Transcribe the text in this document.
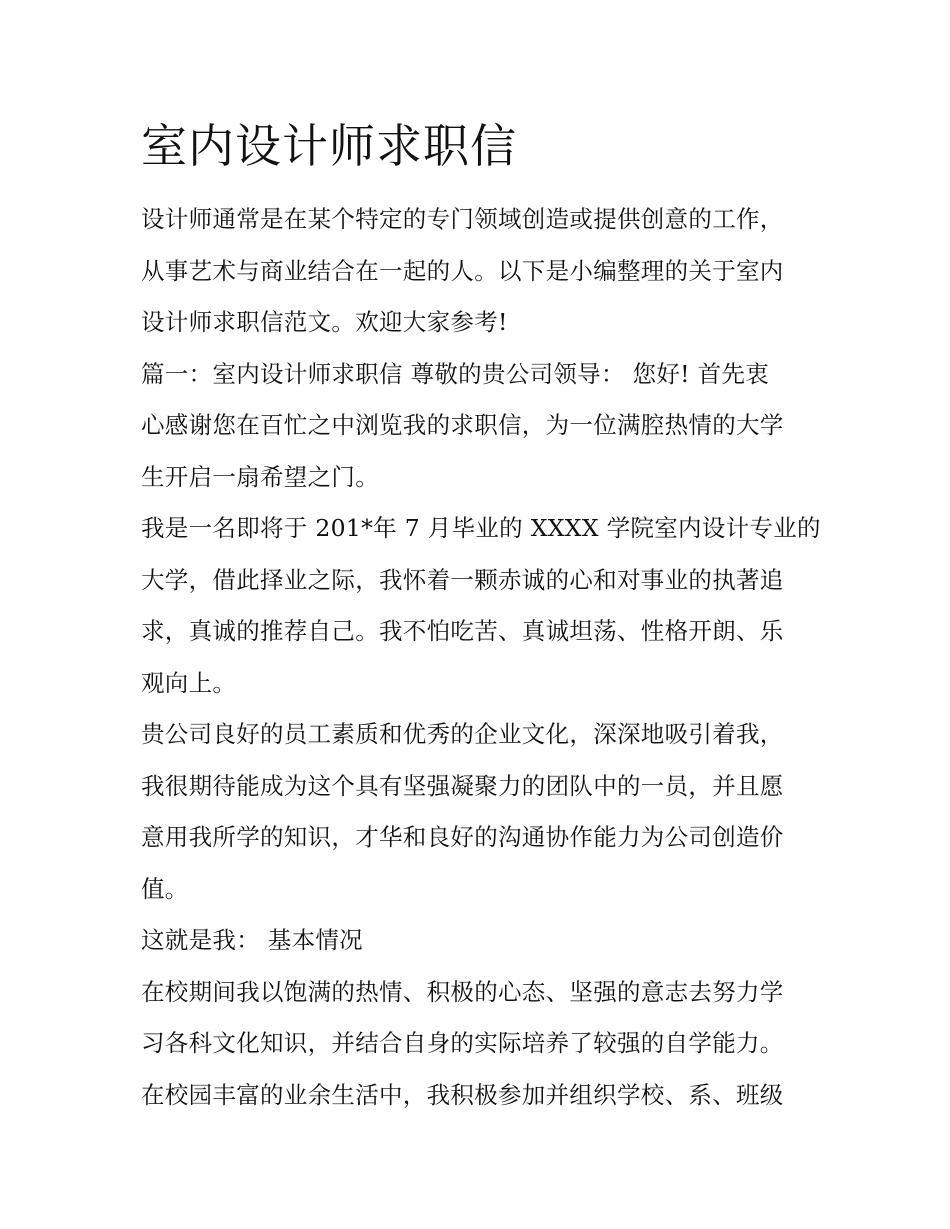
室内设计师求职信

设计师通常是在某个特定的专门领域创造或提供创意的工作，

从事艺术与商业结合在一起的人。以下是小编整理的关于室内

设计师求职信范文。欢迎大家参考!

篇一：室内设计师求职信 尊敬的贵公司领导： 您好! 首先衷

心感谢您在百忙之中浏览我的求职信，为一位满腔热情的大学

生开启一扇希望之门。

我是一名即将于 201*年 7 月毕业的 XXXX 学院室内设计专业的

大学，借此择业之际，我怀着一颗赤诚的心和对事业的执著追

求，真诚的推荐自己。我不怕吃苦、真诚坦荡、性格开朗、乐

观向上。

贵公司良好的员工素质和优秀的企业文化，深深地吸引着我，

我很期待能成为这个具有坚强凝聚力的团队中的一员，并且愿

意用我所学的知识，才华和良好的沟通协作能力为公司创造价

值。

这就是我： 基本情况

在校期间我以饱满的热情、积极的心态、坚强的意志去努力学

习各科文化知识，并结合自身的实际培养了较强的自学能力。

在校园丰富的业余生活中，我积极参加并组织学校、系、班级
